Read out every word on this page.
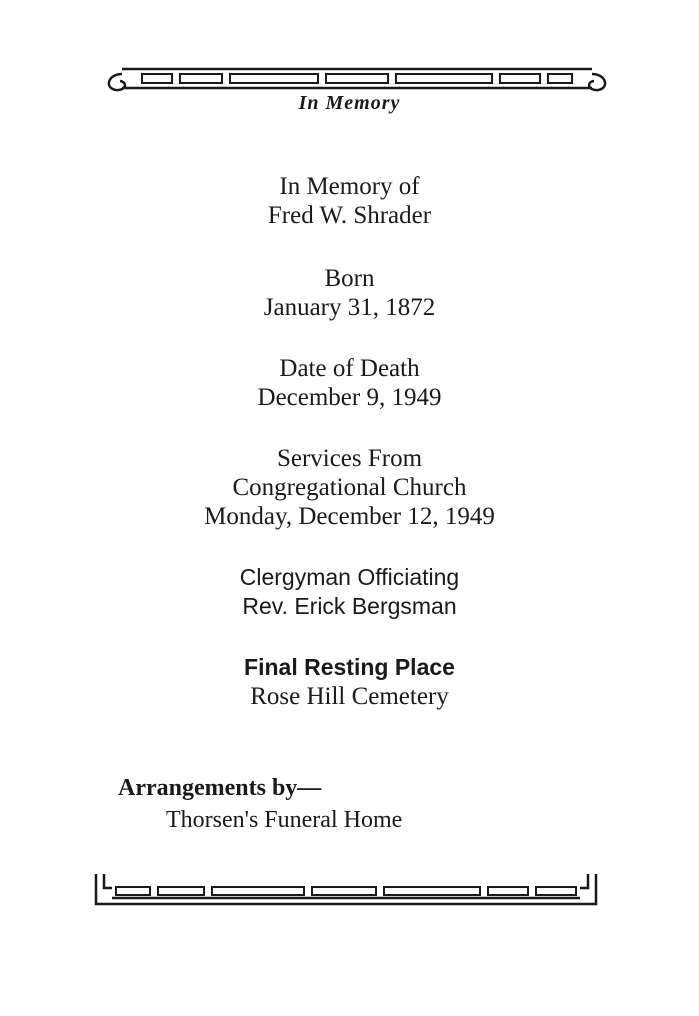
In Memory
In Memory of
Fred W. Shrader
Born
January 31, 1872
Date of Death
December 9, 1949
Services From
Congregational Church
Monday, December 12, 1949
Clergyman Officiating
Rev. Erick Bergsman
Final Resting Place
Rose Hill Cemetery
Arrangements by—
Thorsen's Funeral Home
